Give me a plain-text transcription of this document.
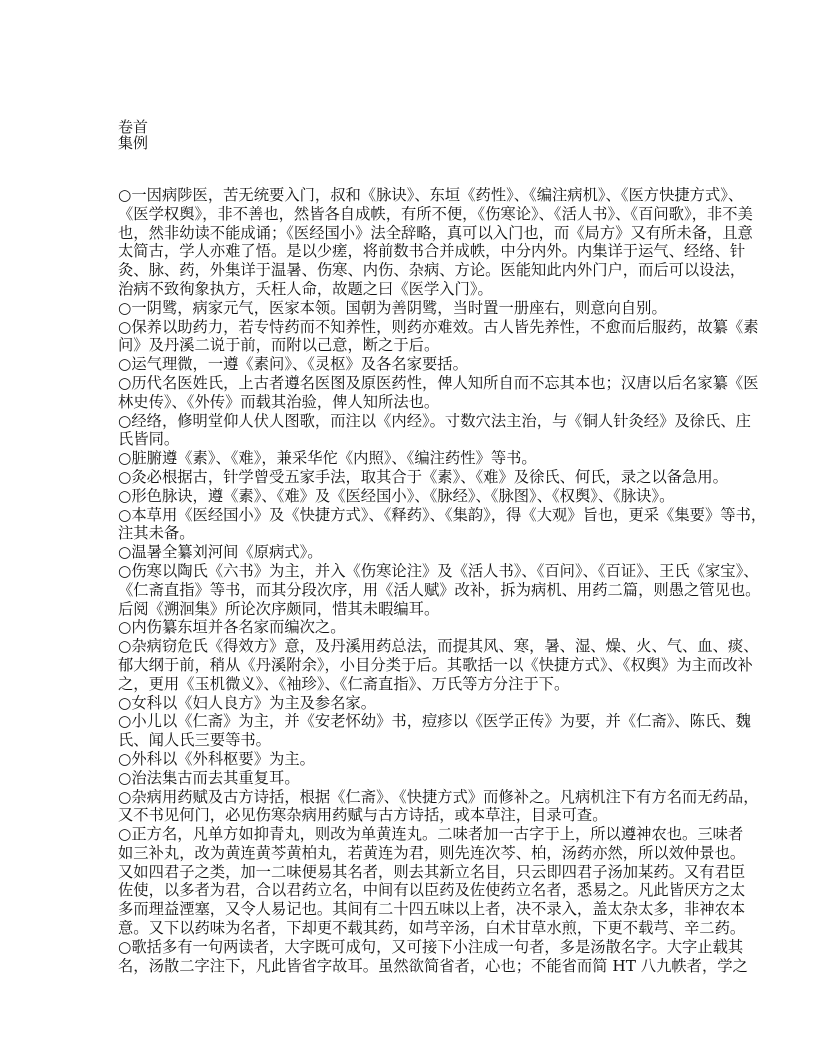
卷首
集例
○一因病陟医，苦无统要入门，叔和《脉诀》、东垣《药性》、《编注病机》、《医方快捷方式》、
《医学权舆》，非不善也，然皆各自成帙，有所不便，《伤寒论》、《活人书》、《百问歌》，非不美
也，然非幼读不能成诵；《医经国小》法全辞略，真可以入门也，而《局方》又有所未备，且意
太简古，学人亦难了悟。是以少瘥，将前数书合并成帙，中分内外。内集详于运气、经络、针
灸、脉、药，外集详于温暑、伤寒、内伤、杂病、方论。医能知此内外门户，而后可以设法，
治病不致徇象执方，夭枉人命，故题之曰《医学入门》。
○一阴骘，病家元气，医家本领。国朝为善阴骘，当时置一册座右，则意向自别。
○保养以助药力，若专恃药而不知养性，则药亦难效。古人皆先养性，不愈而后服药，故纂《素
问》及丹溪二说于前，而附以己意，断之于后。
○运气理微，一遵《素问》、《灵枢》及各名家要括。
○历代名医姓氏，上古者遵名医图及原医药性，俾人知所自而不忘其本也；汉唐以后名家纂《医
林史传》、《外传》而载其治验，俾人知所法也。
○经络，修明堂仰人伏人图歌，而注以《内经》。寸数穴法主治，与《铜人针灸经》及徐氏、庄
氏皆同。
○脏腑遵《素》、《难》，兼采华佗《内照》、《编注药性》等书。
○灸必根据古，针学曾受五家手法，取其合于《素》、《难》及徐氏、何氏，录之以备急用。
○形色脉诀，遵《素》、《难》及《医经国小》、《脉经》、《脉图》、《权舆》、《脉诀》。
○本草用《医经国小》及《快捷方式》、《释药》、《集韵》，得《大观》旨也，更采《集要》等书，
注其未备。
○温暑全纂刘河间《原病式》。
○伤寒以陶氏《六书》为主，并入《伤寒论注》及《活人书》、《百问》、《百证》、王氏《家宝》、
《仁斋直指》等书，而其分段次序，用《活人赋》改补，拆为病机、用药二篇，则愚之管见也。
后阅《溯洄集》所论次序颇同，惜其未暇编耳。
○内伤纂东垣并各名家而编次之。
○杂病窃危氏《得效方》意，及丹溪用药总法，而提其风、寒，暑、湿、燥、火、气、血、痰、
郁大纲于前，稍从《丹溪附余》，小目分类于后。其歌括一以《快捷方式》、《权舆》为主而改补
之，更用《玉机微义》、《袖珍》、《仁斋直指》、万氏等方分注于下。
○女科以《妇人良方》为主及参名家。
○小儿以《仁斋》为主，并《安老怀幼》书，痘疹以《医学正传》为要，并《仁斋》、陈氏、魏
氏、闻人氏三要等书。
○外科以《外科枢要》为主。
○治法集古而去其重复耳。
○杂病用药赋及古方诗括，根据《仁斋》、《快捷方式》而修补之。凡病机注下有方名而无药品，
又不书见何门，必见伤寒杂病用药赋与古方诗括，或本草注，目录可查。
○正方名，凡单方如抑青丸，则改为单黄连丸。二味者加一古字于上，所以遵神农也。三味者
如三补丸，改为黄连黄芩黄柏丸，若黄连为君，则先连次芩、柏，汤药亦然，所以效仲景也。
又如四君子之类，加一二味便易其名者，则去其新立名目，只云即四君子汤加某药。又有君臣
佐使，以多者为君，合以君药立名，中间有以臣药及佐使药立名者，悉易之。凡此皆厌方之太
多而理益湮塞，又令人易记也。其间有二十四五味以上者，决不录入，盖太杂太多，非神农本
意。又下以药味为名者，下却更不载其药，如芎辛汤，白术甘草水煎，下更不载芎、辛二药。
○歌括多有一句两读者，大字既可成句，又可接下小注成一句者，多是汤散名字。大字止载其
名，汤散二字注下，凡此皆省字故耳。虽然欲简省者，心也；不能省而简 HT 八九帙者，学之
